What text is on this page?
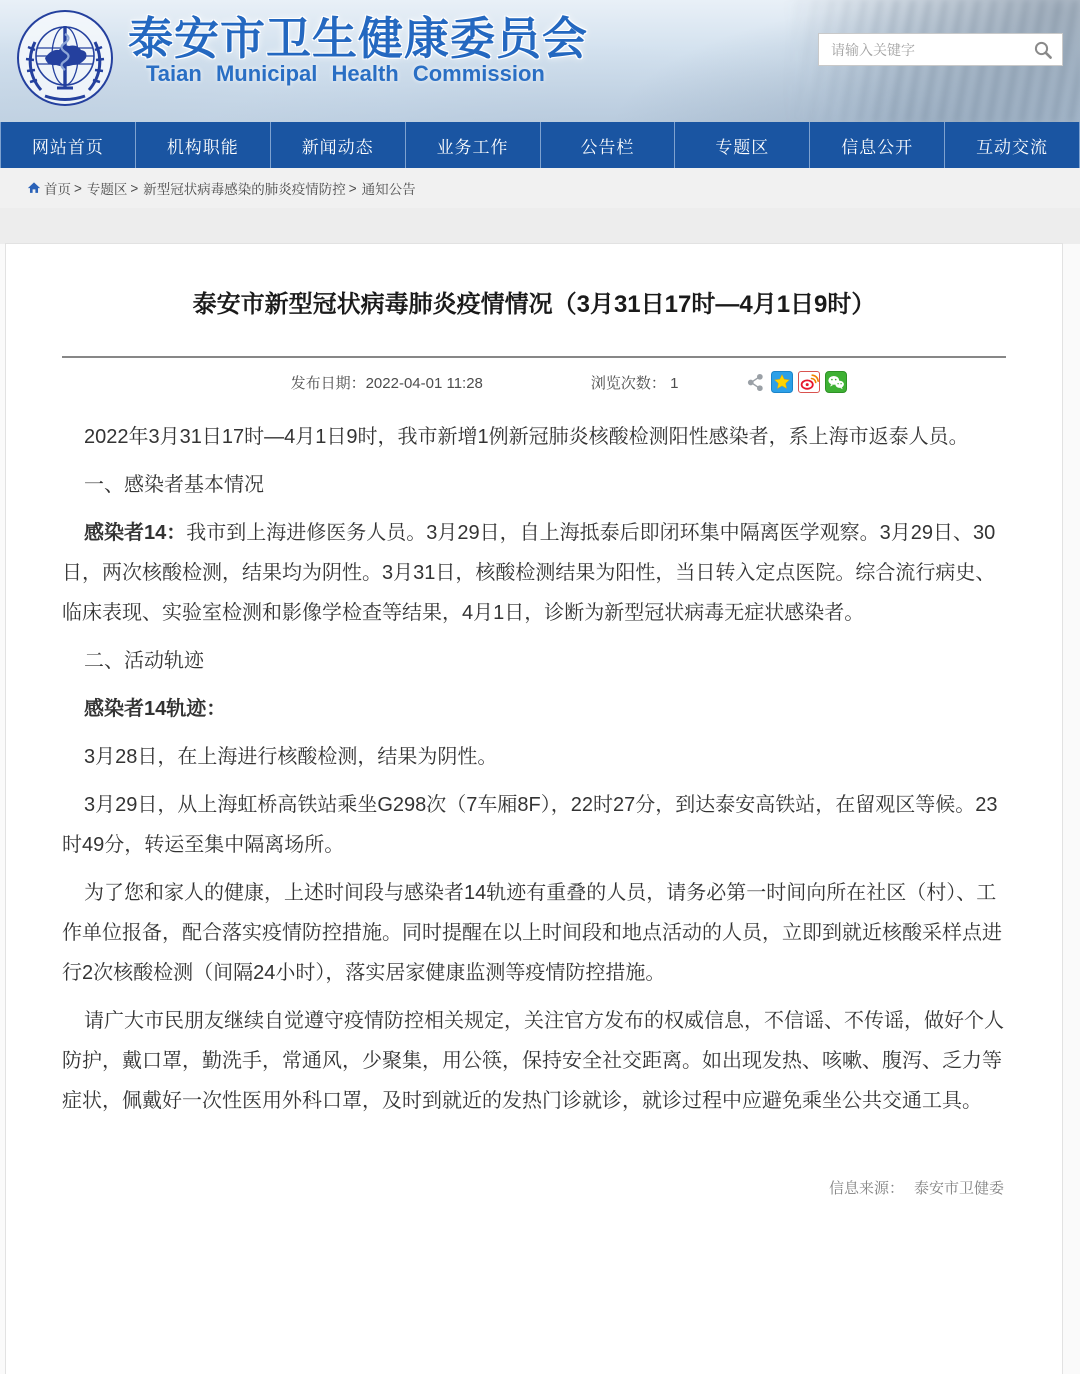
泰安市卫生健康委员会
Taian Municipal Health Commission
请输入关键字
网站首页	机构职能	新闻动态	业务工作	公告栏	专题区	信息公开	互动交流
首页 > 专题区 > 新型冠状病毒感染的肺炎疫情防控 > 通知公告
泰安市新型冠状病毒肺炎疫情情况（3月31日17时—4月1日9时）
发布日期：2022-04-01 11:28	浏览次数： 1

2022年3月31日17时—4月1日9时，我市新增1例新冠肺炎核酸检测阳性感染者，系上海市返泰人员。

一、感染者基本情况

感染者14：我市到上海进修医务人员。3月29日，自上海抵泰后即闭环集中隔离医学观察。3月29日、30日，两次核酸检测，结果均为阴性。3月31日，核酸检测结果为阳性，当日转入定点医院。综合流行病史、临床表现、实验室检测和影像学检查等结果，4月1日，诊断为新型冠状病毒无症状感染者。

二、活动轨迹

感染者14轨迹：

3月28日，在上海进行核酸检测，结果为阴性。

3月29日，从上海虹桥高铁站乘坐G298次（7车厢8F），22时27分，到达泰安高铁站，在留观区等候。23时49分，转运至集中隔离场所。

为了您和家人的健康，上述时间段与感染者14轨迹有重叠的人员，请务必第一时间向所在社区（村）、工作单位报备，配合落实疫情防控措施。同时提醒在以上时间段和地点活动的人员，立即到就近核酸采样点进行2次核酸检测（间隔24小时），落实居家健康监测等疫情防控措施。

请广大市民朋友继续自觉遵守疫情防控相关规定，关注官方发布的权威信息，不信谣、不传谣，做好个人防护，戴口罩，勤洗手，常通风，少聚集，用公筷，保持安全社交距离。如出现发热、咳嗽、腹泻、乏力等症状，佩戴好一次性医用外科口罩，及时到就近的发热门诊就诊，就诊过程中应避免乘坐公共交通工具。

信息来源： 泰安市卫健委
